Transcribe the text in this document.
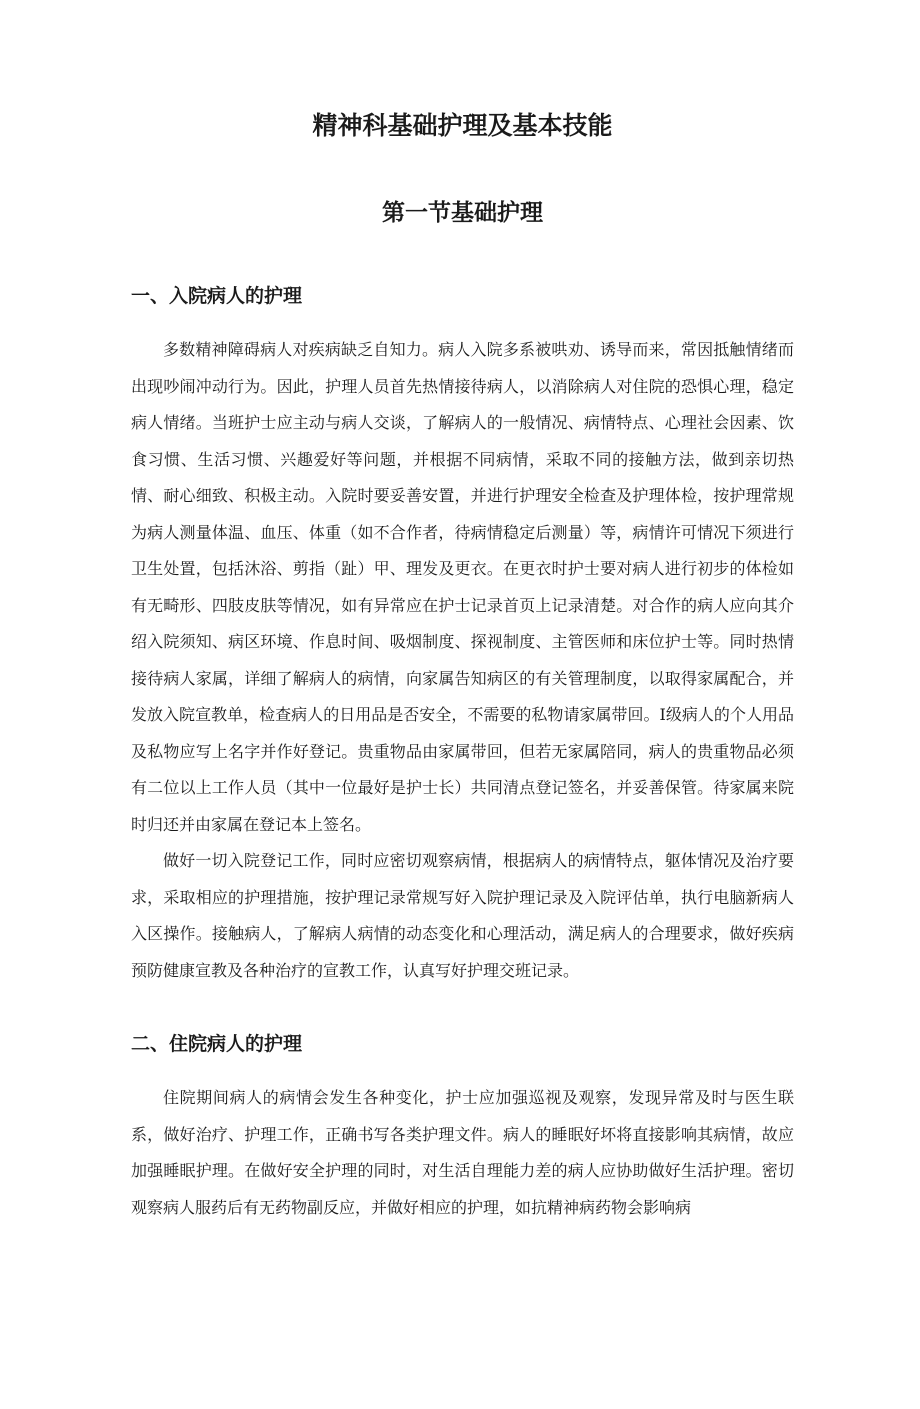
精神科基础护理及基本技能
第一节基础护理
一、入院病人的护理

多数精神障碍病人对疾病缺乏自知力。病人入院多系被哄劝、诱导而来，常因抵触情绪而出现吵闹冲动行为。因此，护理人员首先热情接待病人，以消除病人对住院的恐惧心理，稳定病人情绪。当班护士应主动与病人交谈，了解病人的一般情况、病情特点、心理社会因素、饮食习惯、生活习惯、兴趣爱好等问题，并根据不同病情，采取不同的接触方法，做到亲切热情、耐心细致、积极主动。入院时要妥善安置，并进行护理安全检查及护理体检，按护理常规为病人测量体温、血压、体重（如不合作者，待病情稳定后测量）等，病情许可情况下须进行卫生处置，包括沐浴、剪指（趾）甲、理发及更衣。在更衣时护士要对病人进行初步的体检如有无畸形、四肢皮肤等情况，如有异常应在护士记录首页上记录清楚。对合作的病人应向其介绍入院须知、病区环境、作息时间、吸烟制度、探视制度、主管医师和床位护士等。同时热情接待病人家属，详细了解病人的病情，向家属告知病区的有关管理制度，以取得家属配合，并发放入院宣教单，检查病人的日用品是否安全，不需要的私物请家属带回。I级病人的个人用品及私物应写上名字并作好登记。贵重物品由家属带回，但若无家属陪同，病人的贵重物品必须有二位以上工作人员（其中一位最好是护士长）共同清点登记签名，并妥善保管。待家属来院时归还并由家属在登记本上签名。

做好一切入院登记工作，同时应密切观察病情，根据病人的病情特点，躯体情况及治疗要求，采取相应的护理措施，按护理记录常规写好入院护理记录及入院评估单，执行电脑新病人入区操作。接触病人，了解病人病情的动态变化和心理活动，满足病人的合理要求，做好疾病预防健康宣教及各种治疗的宣教工作，认真写好护理交班记录。

二、住院病人的护理

住院期间病人的病情会发生各种变化，护士应加强巡视及观察，发现异常及时与医生联系，做好治疗、护理工作，正确书写各类护理文件。病人的睡眠好坏将直接影响其病情，故应加强睡眠护理。在做好安全护理的同时，对生活自理能力差的病人应协助做好生活护理。密切观察病人服药后有无药物副反应，并做好相应的护理，如抗精神病药物会影响病
